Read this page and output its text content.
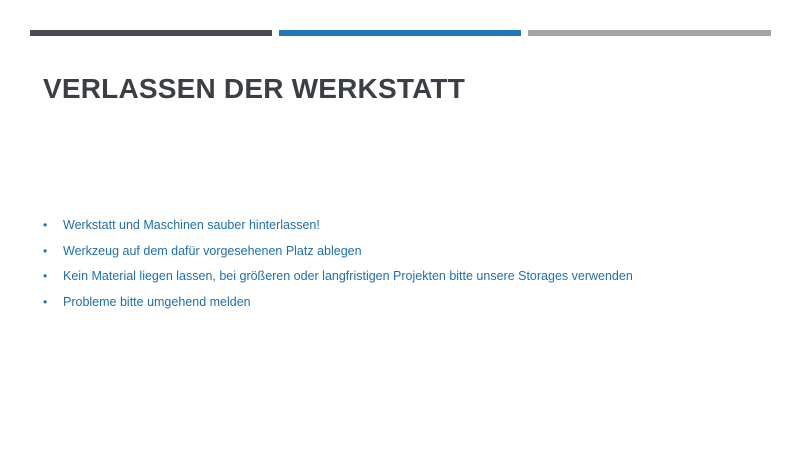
VERLASSEN DER WERKSTATT
•	Werkstatt und Maschinen sauber hinterlassen!
•	Werkzeug auf dem dafür vorgesehenen Platz ablegen
•	Kein Material liegen lassen, bei größeren oder langfristigen Projekten bitte unsere Storages verwenden
•	Probleme bitte umgehend melden
